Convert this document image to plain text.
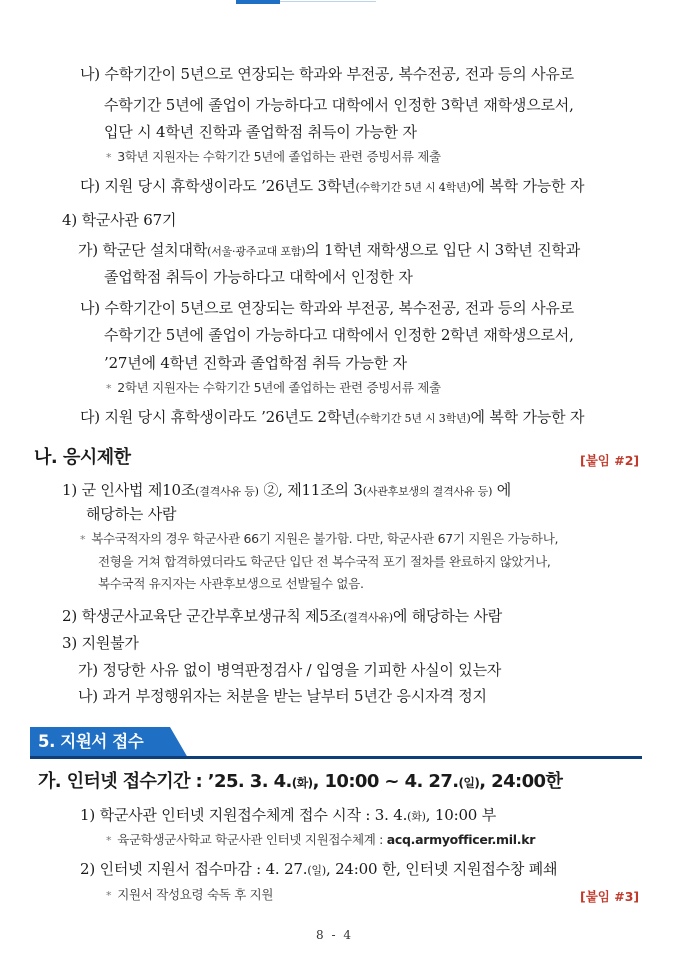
나) 수학기간이 5년으로 연장되는 학과와 부전공, 복수전공, 전과 등의 사유로
수학기간 5년에 졸업이 가능하다고 대학에서 인정한 3학년 재학생으로서,
입단 시 4학년 진학과 졸업학점 취득이 가능한 자
* 3학년 지원자는 수학기간 5년에 졸업하는 관련 증빙서류 제출
다) 지원 당시 휴학생이라도 ’26년도 3학년(수학기간 5년 시 4학년)에 복학 가능한 자
4) 학군사관 67기
가) 학군단 설치대학(서울·광주교대 포함)의 1학년 재학생으로 입단 시 3학년 진학과
졸업학점 취득이 가능하다고 대학에서 인정한 자
나) 수학기간이 5년으로 연장되는 학과와 부전공, 복수전공, 전과 등의 사유로
수학기간 5년에 졸업이 가능하다고 대학에서 인정한 2학년 재학생으로서,
’27년에 4학년 진학과 졸업학점 취득 가능한 자
* 2학년 지원자는 수학기간 5년에 졸업하는 관련 증빙서류 제출
다) 지원 당시 휴학생이라도 ’26년도 2학년(수학기간 5년 시 3학년)에 복학 가능한 자
나. 응시제한	[붙임 #2]
1) 군 인사법 제10조(결격사유 등) ②, 제11조의 3(사관후보생의 결격사유 등) 에
해당하는 사람
* 복수국적자의 경우 학군사관 66기 지원은 불가함. 다만, 학군사관 67기 지원은 가능하나,
전형을 거쳐 합격하였더라도 학군단 입단 전 복수국적 포기 절차를 완료하지 않았거나,
복수국적 유지자는 사관후보생으로 선발될수 없음.
2) 학생군사교육단 군간부후보생규칙 제5조(결격사유)에 해당하는 사람
3) 지원불가
가) 정당한 사유 없이 병역판정검사 / 입영을 기피한 사실이 있는자
나) 과거 부정행위자는 처분을 받는 날부터 5년간 응시자격 정지
5. 지원서 접수
가. 인터넷 접수기간 : ’25. 3. 4.(화), 10:00 ~ 4. 27.(일), 24:00한
1) 학군사관 인터넷 지원접수체계 접수 시작 : 3. 4.(화), 10:00 부
* 육군학생군사학교 학군사관 인터넷 지원접수체계 : acq.armyofficer.mil.kr
2) 인터넷 지원서 접수마감 : 4. 27.(일), 24:00 한, 인터넷 지원접수창 폐쇄
* 지원서 작성요령 숙독 후 지원	[붙임 #3]
8 - 4
